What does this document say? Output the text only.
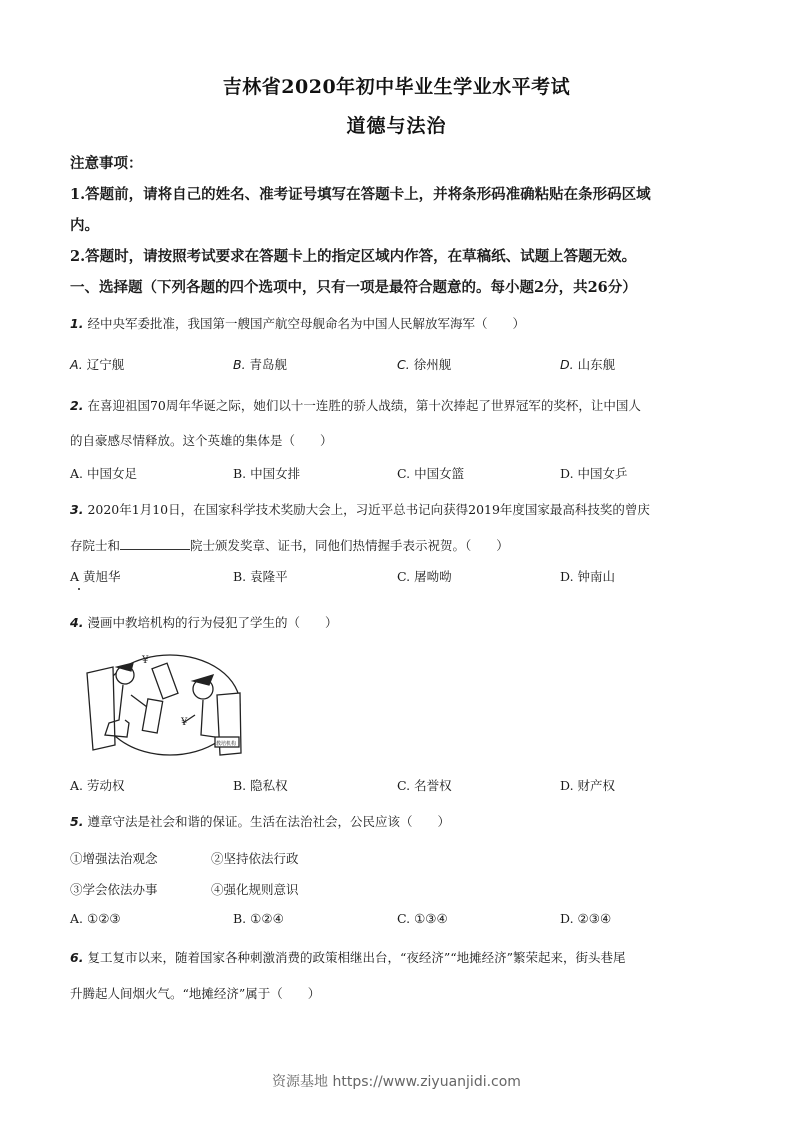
吉林省2020年初中毕业生学业水平考试
道德与法治
注意事项：
1.答题前，请将自己的姓名、准考证号填写在答题卡上，并将条形码准确粘贴在条形码区域
内。
2.答题时，请按照考试要求在答题卡上的指定区域内作答，在草稿纸、试题上答题无效。
一、选择题（下列各题的四个选项中，只有一项是最符合题意的。每小题2分，共26分）
1. 经中央军委批准，我国第一艘国产航空母舰命名为中国人民解放军海军（　　）
A. 辽宁舰	B. 青岛舰	C. 徐州舰	D. 山东舰
2. 在喜迎祖国70周年华诞之际，她们以十一连胜的骄人战绩，第十次捧起了世界冠军的奖杯，让中国人
的自豪感尽情释放。这个英雄的集体是（　　）
A. 中国女足	B. 中国女排	C. 中国女篮	D. 中国女乒
3. 2020年1月10日，在国家科学技术奖励大会上，习近平总书记向获得2019年度国家最高科技奖的曾庆
存院士和	院士颁发奖章、证书，同他们热情握手表示祝贺。（　　）
A 黄旭华	B. 袁隆平	C. 屠呦呦	D. 钟南山
4. 漫画中教培机构的行为侵犯了学生的（　　）
¥
¥
教培机构
A. 劳动权	B. 隐私权	C. 名誉权	D. 财产权
5. 遵章守法是社会和谐的保证。生活在法治社会，公民应该（　　）
①增强法治观念	②坚持依法行政
③学会依法办事	④强化规则意识
A. ①②③	B. ①②④	C. ①③④	D. ②③④
6. 复工复市以来，随着国家各种刺激消费的政策相继出台，“夜经济”“地摊经济”繁荣起来，街头巷尾
升腾起人间烟火气。“地摊经济”属于（　　）
资源基地 https://www.ziyuanjidi.com
